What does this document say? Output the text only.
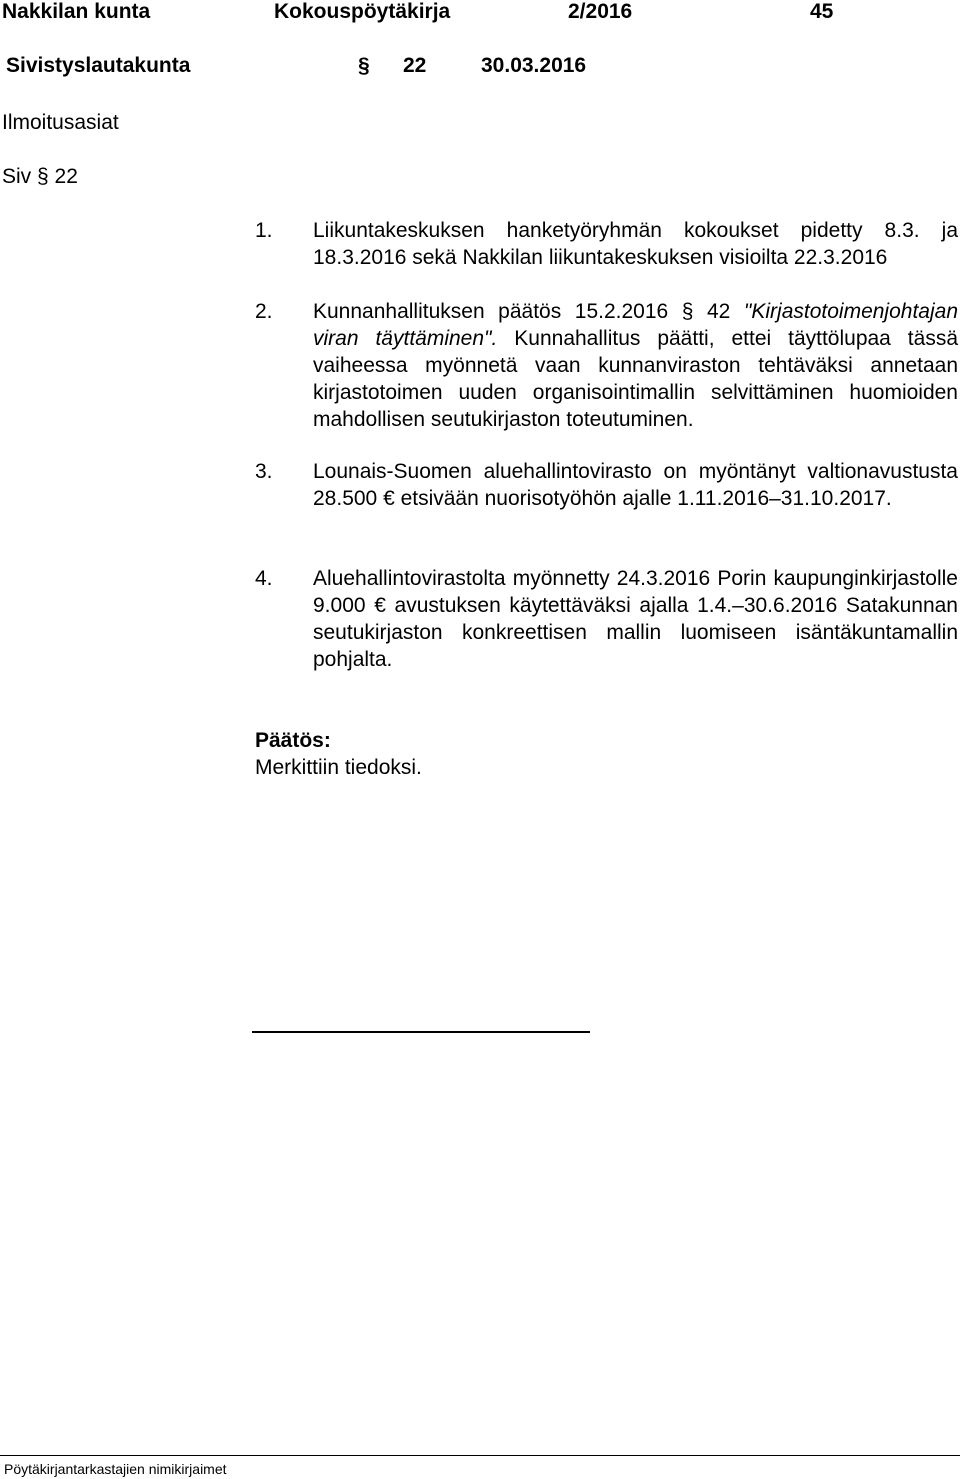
Nakkilan kunta	Kokouspöytäkirja	2/2016	45
Sivistyslautakunta	§ 22	30.03.2016
Ilmoitusasiat
Siv § 22
1. Liikuntakeskuksen hanketyöryhmän kokoukset pidetty 8.3. ja 18.3.2016 sekä Nakkilan liikuntakeskuksen visioilta 22.3.2016
2. Kunnanhallituksen päätös 15.2.2016 § 42 "Kirjastotoimenjohtajan viran täyttäminen". Kunnahallitus päätti, ettei täyttölupaa tässä vaiheessa myönnetä vaan kunnanviraston tehtäväksi annetaan kirjastotoimen uuden organisointimallin selvittäminen huomioiden mahdollisen seutukirjaston toteutuminen.
3. Lounais-Suomen aluehallintovirasto on myöntänyt valtionavustusta 28.500 € etsivään nuorisotyöhön ajalle 1.11.2016–31.10.2017.
4. Aluehallintovirastolta myönnetty 24.3.2016 Porin kaupunginkirjastolle 9.000 € avustuksen käytettäväksi ajalla 1.4.–30.6.2016 Satakunnan seutukirjaston konkreettisen mallin luomiseen isäntäkuntamallin pohjalta.
Päätös:
Merkittiin tiedoksi.
Pöytäkirjantarkastajien nimikirjaimet
